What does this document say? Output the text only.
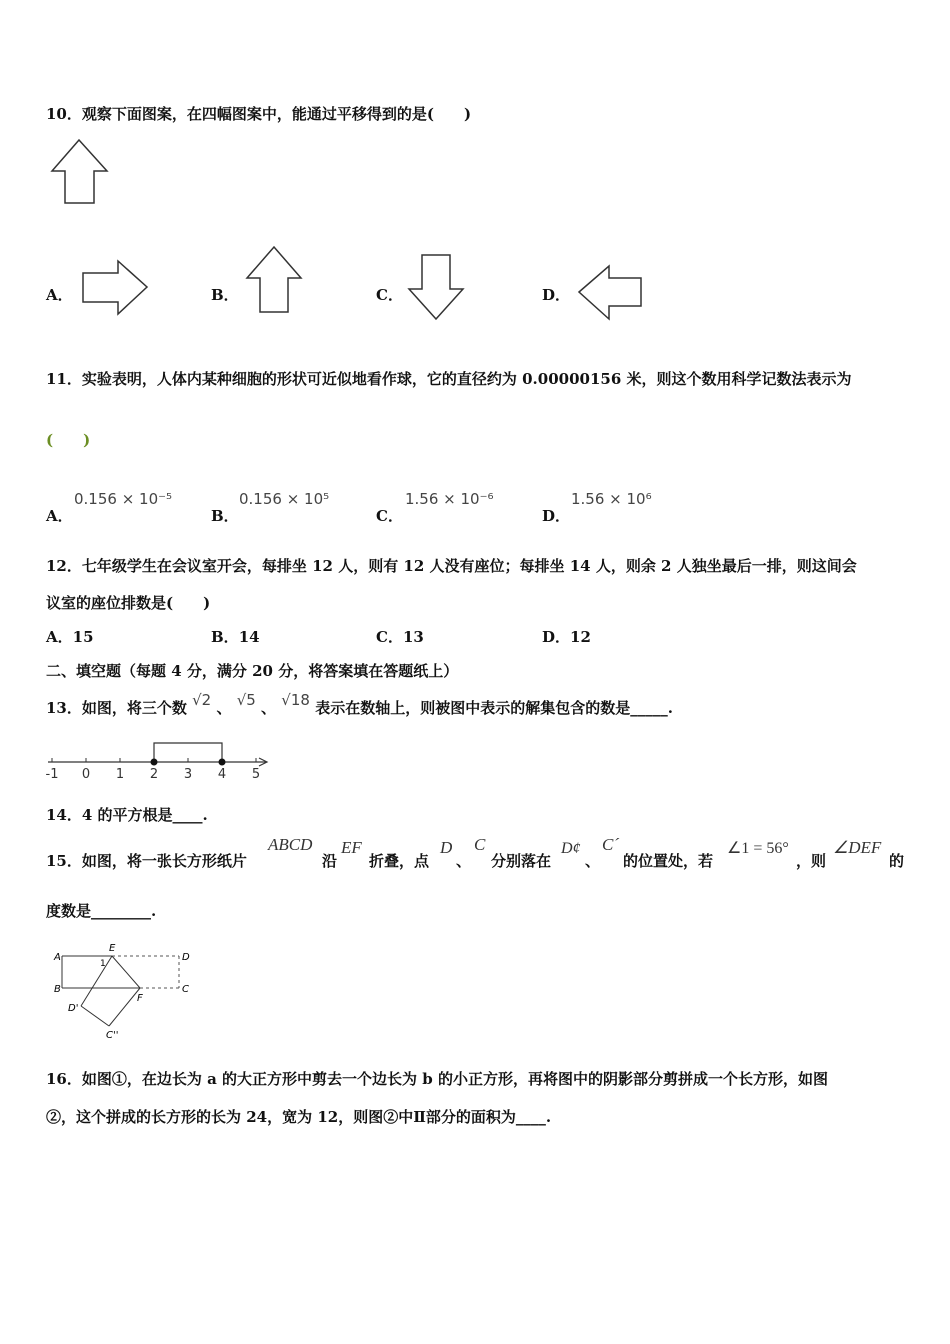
10．观察下面图案，在四幅图案中，能通过平移得到的是(　　)
A．	B．	C．	D．
11．实验表明，人体内某种细胞的形状可近似地看作球，它的直径约为 0.00000156 米，则这个数用科学记数法表示为
(　　)
A．
0.156 × 10⁻⁵
B．
0.156 × 10⁵
C．
1.56 × 10⁻⁶
D．
1.56 × 10⁶
12．七年级学生在会议室开会，每排坐 12 人，则有 12 人没有座位；每排坐 14 人，则余 2 人独坐最后一排，则这间会
议室的座位排数是(　　)
A．15	B．14	C．13	D．12
二、填空题（每题 4 分，满分 20 分，将答案填在答题纸上）
13．如图，将三个数 √2 、 √5 、 √18 表示在数轴上，则被图中表示的解集包含的数是_____.
-1 0 1 2 3 4 5
14．4 的平方根是____.
15．如图，将一张长方形纸片
ABCD
沿
EF
折叠，点
D
、
C
分别落在
D¢
、
C´
的位置处，若
∠1 = 56°
，则
∠DEF
的
度数是________.
A
B
D
C
E
F
1
D'
C''
16．如图①，在边长为 a 的大正方形中剪去一个边长为 b 的小正方形，再将图中的阴影部分剪拼成一个长方形，如图
②，这个拼成的长方形的长为 24，宽为 12，则图②中Ⅱ部分的面积为____.
